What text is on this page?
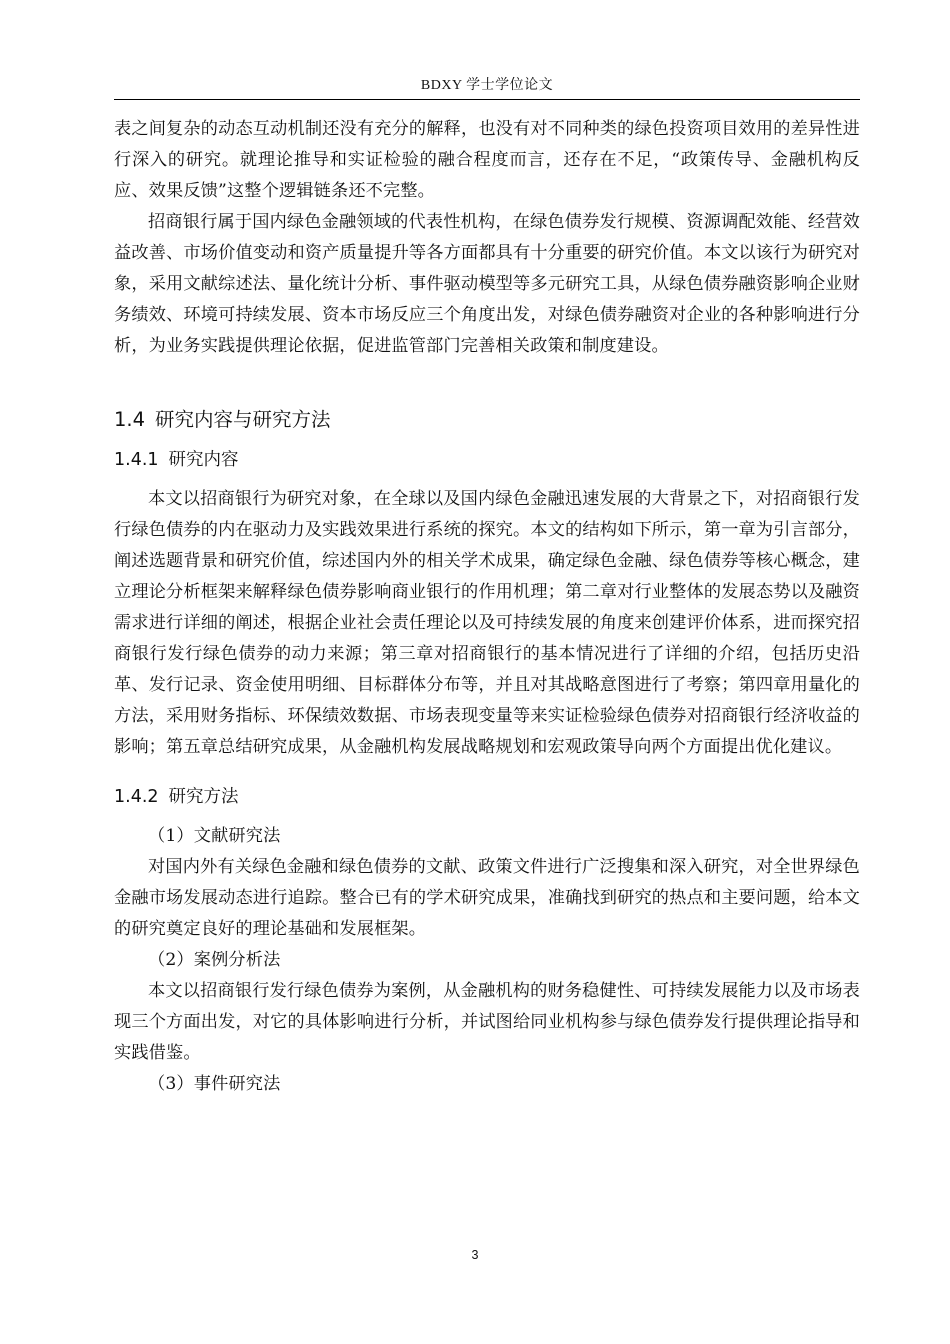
BDXY 学士学位论文

表之间复杂的动态互动机制还没有充分的解释，也没有对不同种类的绿色投资项目效用的差异性进行深入的研究。就理论推导和实证检验的融合程度而言，还存在不足，“政策传导、金融机构反应、效果反馈”这整个逻辑链条还不完整。

招商银行属于国内绿色金融领域的代表性机构，在绿色债券发行规模、资源调配效能、经营效益改善、市场价值变动和资产质量提升等各方面都具有十分重要的研究价值。本文以该行为研究对象，采用文献综述法、量化统计分析、事件驱动模型等多元研究工具，从绿色债券融资影响企业财务绩效、环境可持续发展、资本市场反应三个角度出发，对绿色债券融资对企业的各种影响进行分析，为业务实践提供理论依据，促进监管部门完善相关政策和制度建设。

1.4 研究内容与研究方法
1.4.1 研究内容

本文以招商银行为研究对象，在全球以及国内绿色金融迅速发展的大背景之下，对招商银行发行绿色债券的内在驱动力及实践效果进行系统的探究。本文的结构如下所示，第一章为引言部分，阐述选题背景和研究价值，综述国内外的相关学术成果，确定绿色金融、绿色债券等核心概念，建立理论分析框架来解释绿色债券影响商业银行的作用机理；第二章对行业整体的发展态势以及融资需求进行详细的阐述，根据企业社会责任理论以及可持续发展的角度来创建评价体系，进而探究招商银行发行绿色债券的动力来源；第三章对招商银行的基本情况进行了详细的介绍，包括历史沿革、发行记录、资金使用明细、目标群体分布等，并且对其战略意图进行了考察；第四章用量化的方法，采用财务指标、环保绩效数据、市场表现变量等来实证检验绿色债券对招商银行经济收益的影响；第五章总结研究成果，从金融机构发展战略规划和宏观政策导向两个方面提出优化建议。

1.4.2 研究方法

（1）文献研究法

对国内外有关绿色金融和绿色债券的文献、政策文件进行广泛搜集和深入研究，对全世界绿色金融市场发展动态进行追踪。整合已有的学术研究成果，准确找到研究的热点和主要问题，给本文的研究奠定良好的理论基础和发展框架。

（2）案例分析法

本文以招商银行发行绿色债券为案例，从金融机构的财务稳健性、可持续发展能力以及市场表现三个方面出发，对它的具体影响进行分析，并试图给同业机构参与绿色债券发行提供理论指导和实践借鉴。

（3）事件研究法

3
